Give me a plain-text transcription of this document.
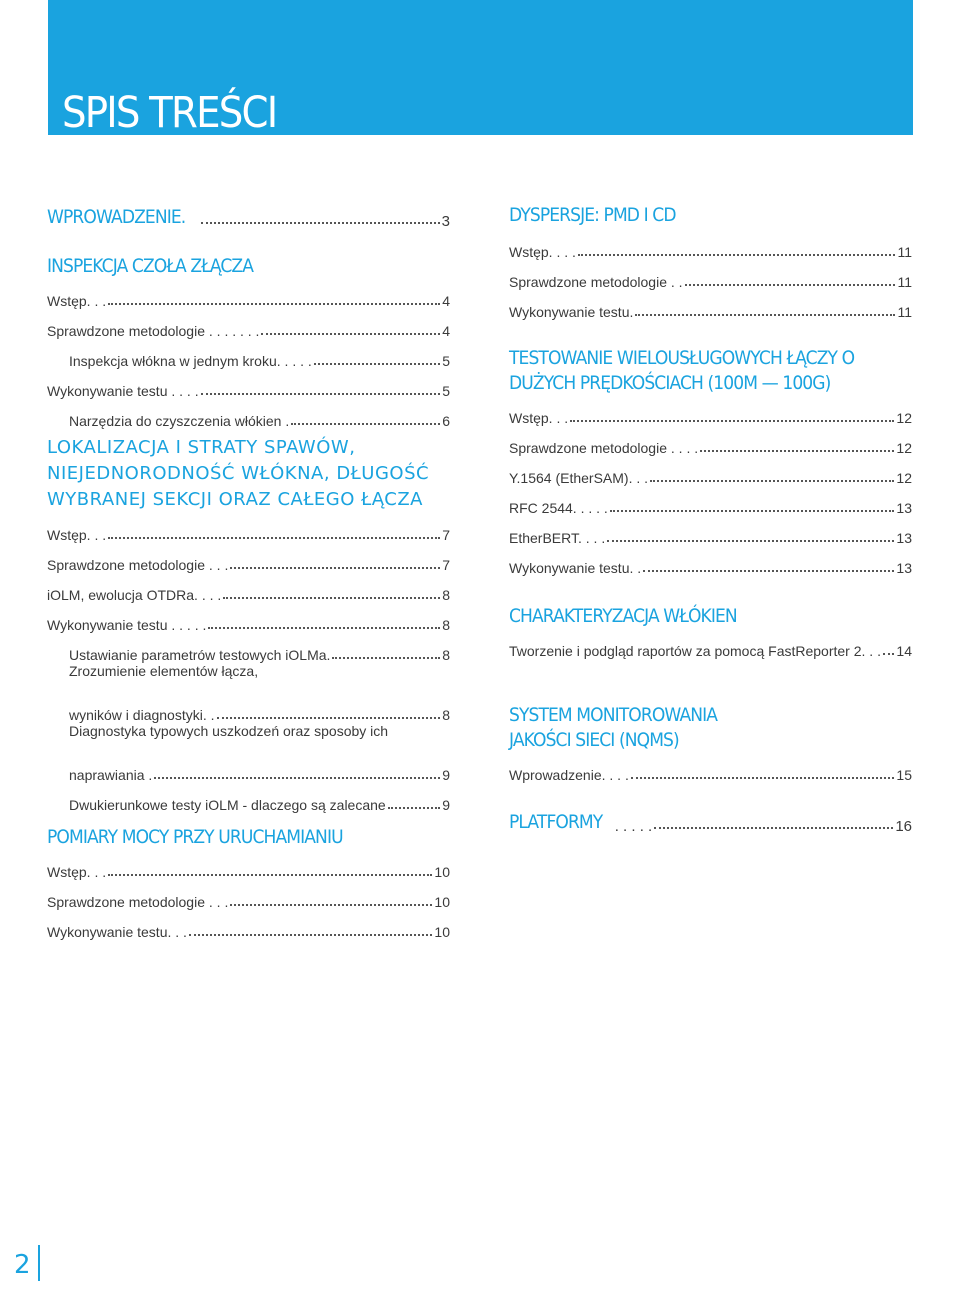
SPIS TREŚCI
WPROWADZENIE.	3
INSPEKCJA CZOŁA ZŁĄCZA
Wstęp. . .	4
Sprawdzone metodologie . . . . . . .	4
Inspekcja włókna w jednym kroku. . . . .	5
Wykonywanie testu . . . .	5
Narzędzia do czyszczenia włókien .	6
LOKALIZACJA I STRATY SPAWÓW,
NIEJEDNORODNOŚĆ WŁÓKNA, DŁUGOŚĆ
WYBRANEJ SEKCJI ORAZ CAŁEGO ŁĄCZA
Wstęp. . .	7
Sprawdzone metodologie . . .	7
iOLM, ewolucja OTDRa. . . .	8
Wykonywanie testu . . . . .	8
Ustawianie parametrów testowych iOLMa.	8
Zrozumienie elementów łącza,
wyników i diagnostyki. .	8
Diagnostyka typowych uszkodzeń oraz sposoby ich
naprawiania .	9
Dwukierunkowe testy iOLM - dlaczego są zalecane	9
POMIARY MOCY PRZY URUCHAMIANIU
Wstęp. . .	10
Sprawdzone metodologie . . .	10
Wykonywanie testu. . .	10
DYSPERSJE: PMD I CD
Wstęp. . . .	11
Sprawdzone metodologie . .	11
Wykonywanie testu.	11
TESTOWANIE WIELOUSŁUGOWYCH ŁĄCZY O
DUŻYCH PRĘDKOŚCIACH (100M — 100G)
Wstęp. . .	12
Sprawdzone metodologie . . . .	12
Y.1564 (EtherSAM). . .	12
RFC 2544. . . . .	13
EtherBERT. . . .	13
Wykonywanie testu. .	13
CHARAKTERYZACJA WŁÓKIEN
Tworzenie i podgląd raportów za pomocą FastReporter 2. . . 14
SYSTEM MONITOROWANIA
JAKOŚCI SIECI (NQMS)
Wprowadzenie. . . .	15
PLATFORMY . . . . .	16
2
